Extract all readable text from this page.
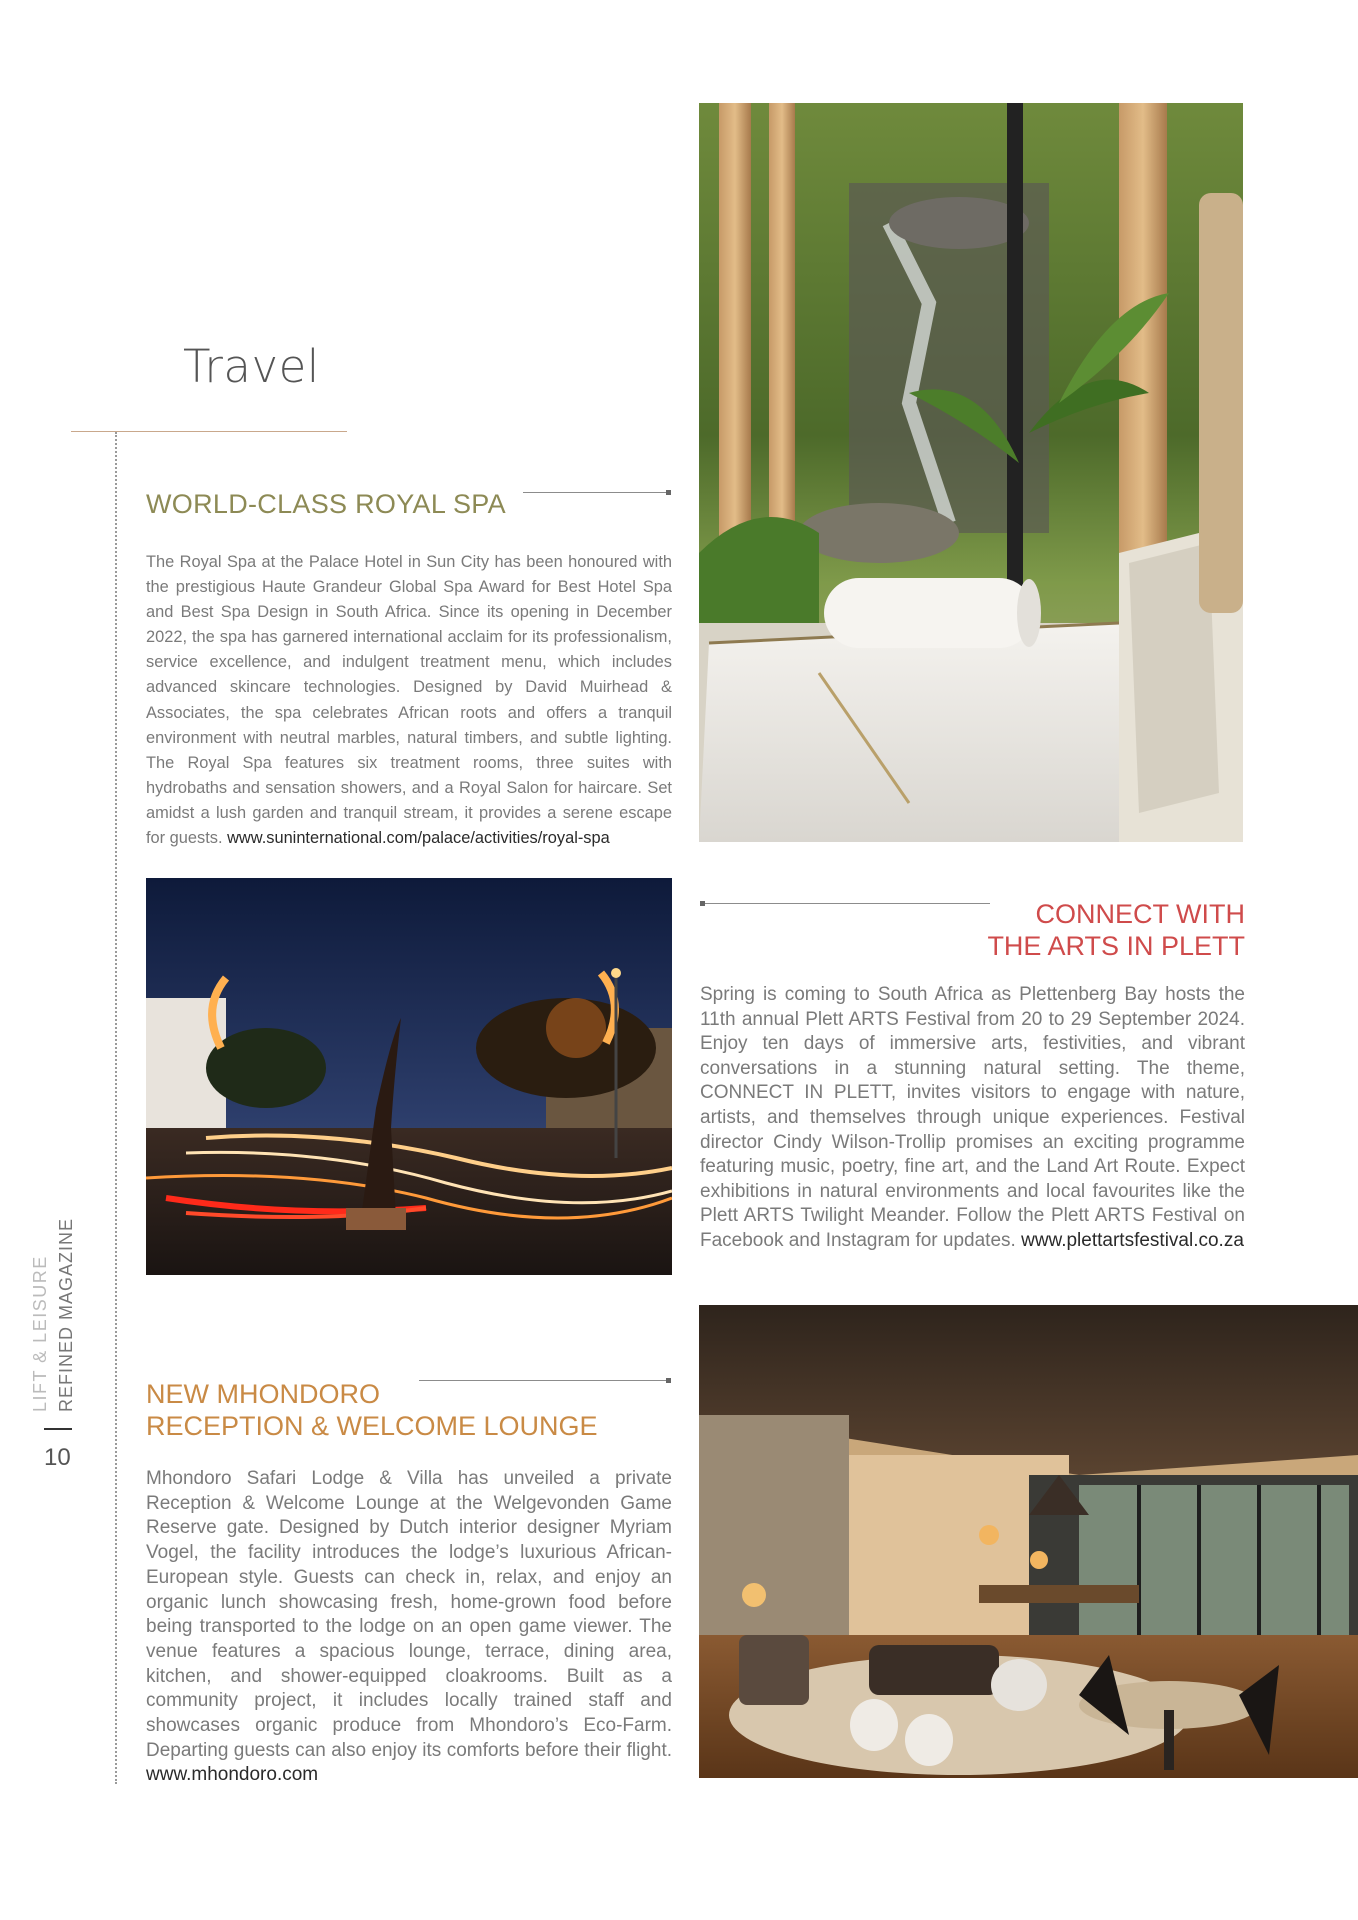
Travel
LIFT & LEISURE REFINED MAGAZINE
10
WORLD-CLASS ROYAL SPA
The Royal Spa at the Palace Hotel in Sun City has been honoured with the prestigious Haute Grandeur Global Spa Award for Best Hotel Spa and Best Spa Design in South Africa. Since its opening in December 2022, the spa has garnered international acclaim for its professionalism, service excellence, and indulgent treatment menu, which includes advanced skincare technologies. Designed by David Muirhead & Associates, the spa celebrates African roots and offers a tranquil environment with neutral marbles, natural timbers, and subtle lighting. The Royal Spa features six treatment rooms, three suites with hydrobaths and sensation showers, and a Royal Salon for haircare. Set amidst a lush garden and tranquil stream, it provides a serene escape for guests. www.suninternational.com/palace/activities/royal-spa
CONNECT WITH
THE ARTS IN PLETT
Spring is coming to South Africa as Plettenberg Bay hosts the 11th annual Plett ARTS Festival from 20 to 29 September 2024. Enjoy ten days of immersive arts, festivities, and vibrant conversations in a stunning natural setting. The theme, CONNECT IN PLETT, invites visitors to engage with nature, artists, and themselves through unique experiences. Festival director Cindy Wilson-Trollip promises an exciting programme featuring music, poetry, fine art, and the Land Art Route. Expect exhibitions in natural environments and local favourites like the Plett ARTS Twilight Meander. Follow the Plett ARTS Festival on Facebook and Instagram for updates. www.plettartsfestival.co.za
NEW MHONDORO
RECEPTION & WELCOME LOUNGE
Mhondoro Safari Lodge & Villa has unveiled a private Reception & Welcome Lounge at the Welgevonden Game Reserve gate. Designed by Dutch interior designer Myriam Vogel, the facility introduces the lodge’s luxurious African-European style. Guests can check in, relax, and enjoy an organic lunch showcasing fresh, home-grown food before being transported to the lodge on an open game viewer. The venue features a spacious lounge, terrace, dining area, kitchen, and shower-equipped cloakrooms. Built as a community project, it includes locally trained staff and showcases organic produce from Mhondoro’s Eco-Farm. Departing guests can also enjoy its comforts before their flight. www.mhondoro.com
